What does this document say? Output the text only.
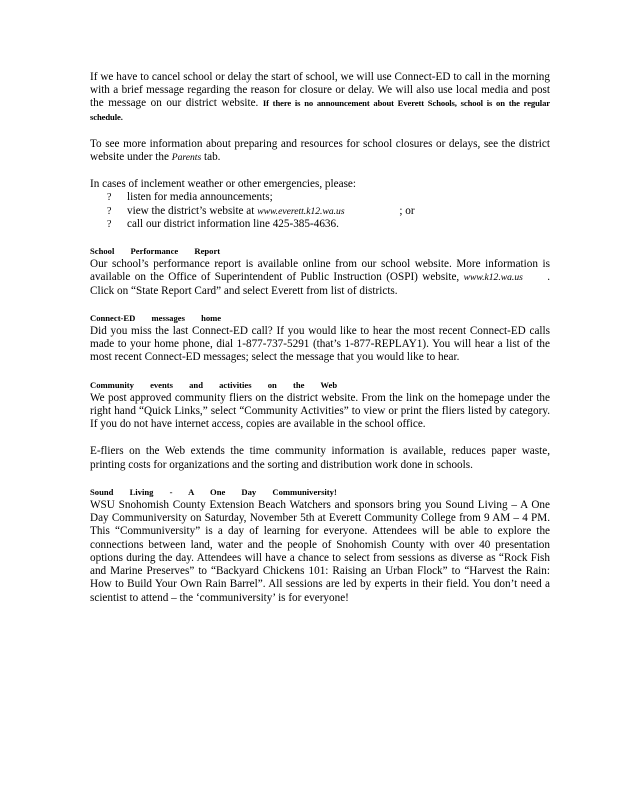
If we have to cancel school or delay the start of school, we will use Connect-ED to call in the morning with a brief message regarding the reason for closure or delay. We will also use local media and post the message on our district website. If there is no announcement about Everett Schools, school is on the regular schedule.

To see more information about preparing and resources for school closures or delays, see the district website under the Parents tab.

In cases of inclement weather or other emergencies, please:

? listen for media announcements;
? view the district’s website at www.everett.k12.wa.us	; or
? call our district information line 425-385-4636.

School Performance Report

Our school’s performance report is available online from our school website. More information is available on the Office of Superintendent of Public Instruction (OSPI) website, www.k12.wa.us . Click on “State Report Card” and select Everett from list of districts.

Connect-ED messages home

Did you miss the last Connect-ED call? If you would like to hear the most recent Connect-ED calls made to your home phone, dial 1-877-737-5291 (that’s 1-877-REPLAY1). You will hear a list of the most recent Connect-ED messages; select the message that you would like to hear.

Community events and activities on the Web

We post approved community fliers on the district website. From the link on the homepage under the right hand “Quick Links,” select “Community Activities” to view or print the fliers listed by category. If you do not have internet access, copies are available in the school office.

E-fliers on the Web extends the time community information is available, reduces paper waste, printing costs for organizations and the sorting and distribution work done in schools.

Sound Living - A One Day Communiversity!

WSU Snohomish County Extension Beach Watchers and sponsors bring you Sound Living – A One Day Communiversity on Saturday, November 5th at Everett Community College from 9 AM – 4 PM. This “Communiversity” is a day of learning for everyone. Attendees will be able to explore the connections between land, water and the people of Snohomish County with over 40 presentation options during the day. Attendees will have a chance to select from sessions as diverse as “Rock Fish and Marine Preserves” to “Backyard Chickens 101: Raising an Urban Flock” to “Harvest the Rain: How to Build Your Own Rain Barrel”. All sessions are led by experts in their field. You don’t need a scientist to attend – the ‘communiversity’ is for everyone!
